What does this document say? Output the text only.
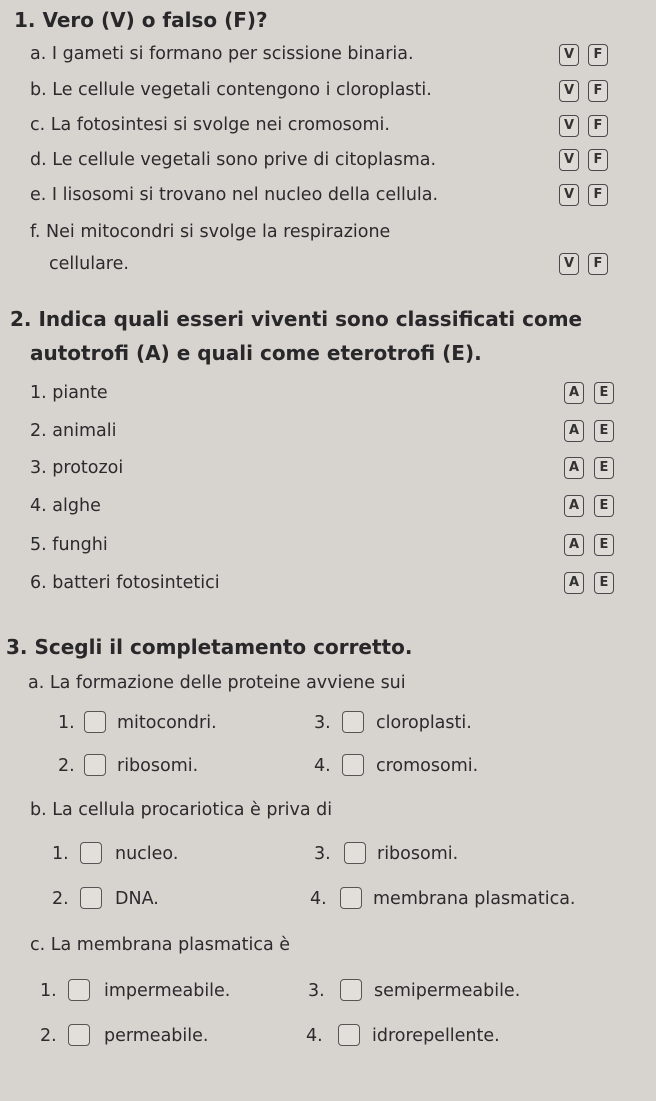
1. Vero (V) o falso (F)?
a. I gameti si formano per scissione binaria.	V	F
b. Le cellule vegetali contengono i cloroplasti.	V	F
c. La fotosintesi si svolge nei cromosomi.	V	F
d. Le cellule vegetali sono prive di citoplasma.	V	F
e. I lisosomi si trovano nel nucleo della cellula.	V	F
f. Nei mitocondri si svolge la respirazione
cellulare.	V	F
2. Indica quali esseri viventi sono classificati come
autotrofi (A) e quali come eterotrofi (E).
1. piante	A	E
2. animali	A	E
3. protozoi	A	E
4. alghe	A	E
5. funghi	A	E
6. batteri fotosintetici	A	E
3. Scegli il completamento corretto.
a. La formazione delle proteine avviene sui
1. mitocondri.	3.	cloroplasti.
2. ribosomi.	4.	cromosomi.
b. La cellula procariotica è priva di
1.	nucleo.	3.	ribosomi.
2.	DNA.	4.	membrana plasmatica.
c. La membrana plasmatica è
1.	impermeabile.	3.	semipermeabile.
2.	permeabile.	4.	idrorepellente.
